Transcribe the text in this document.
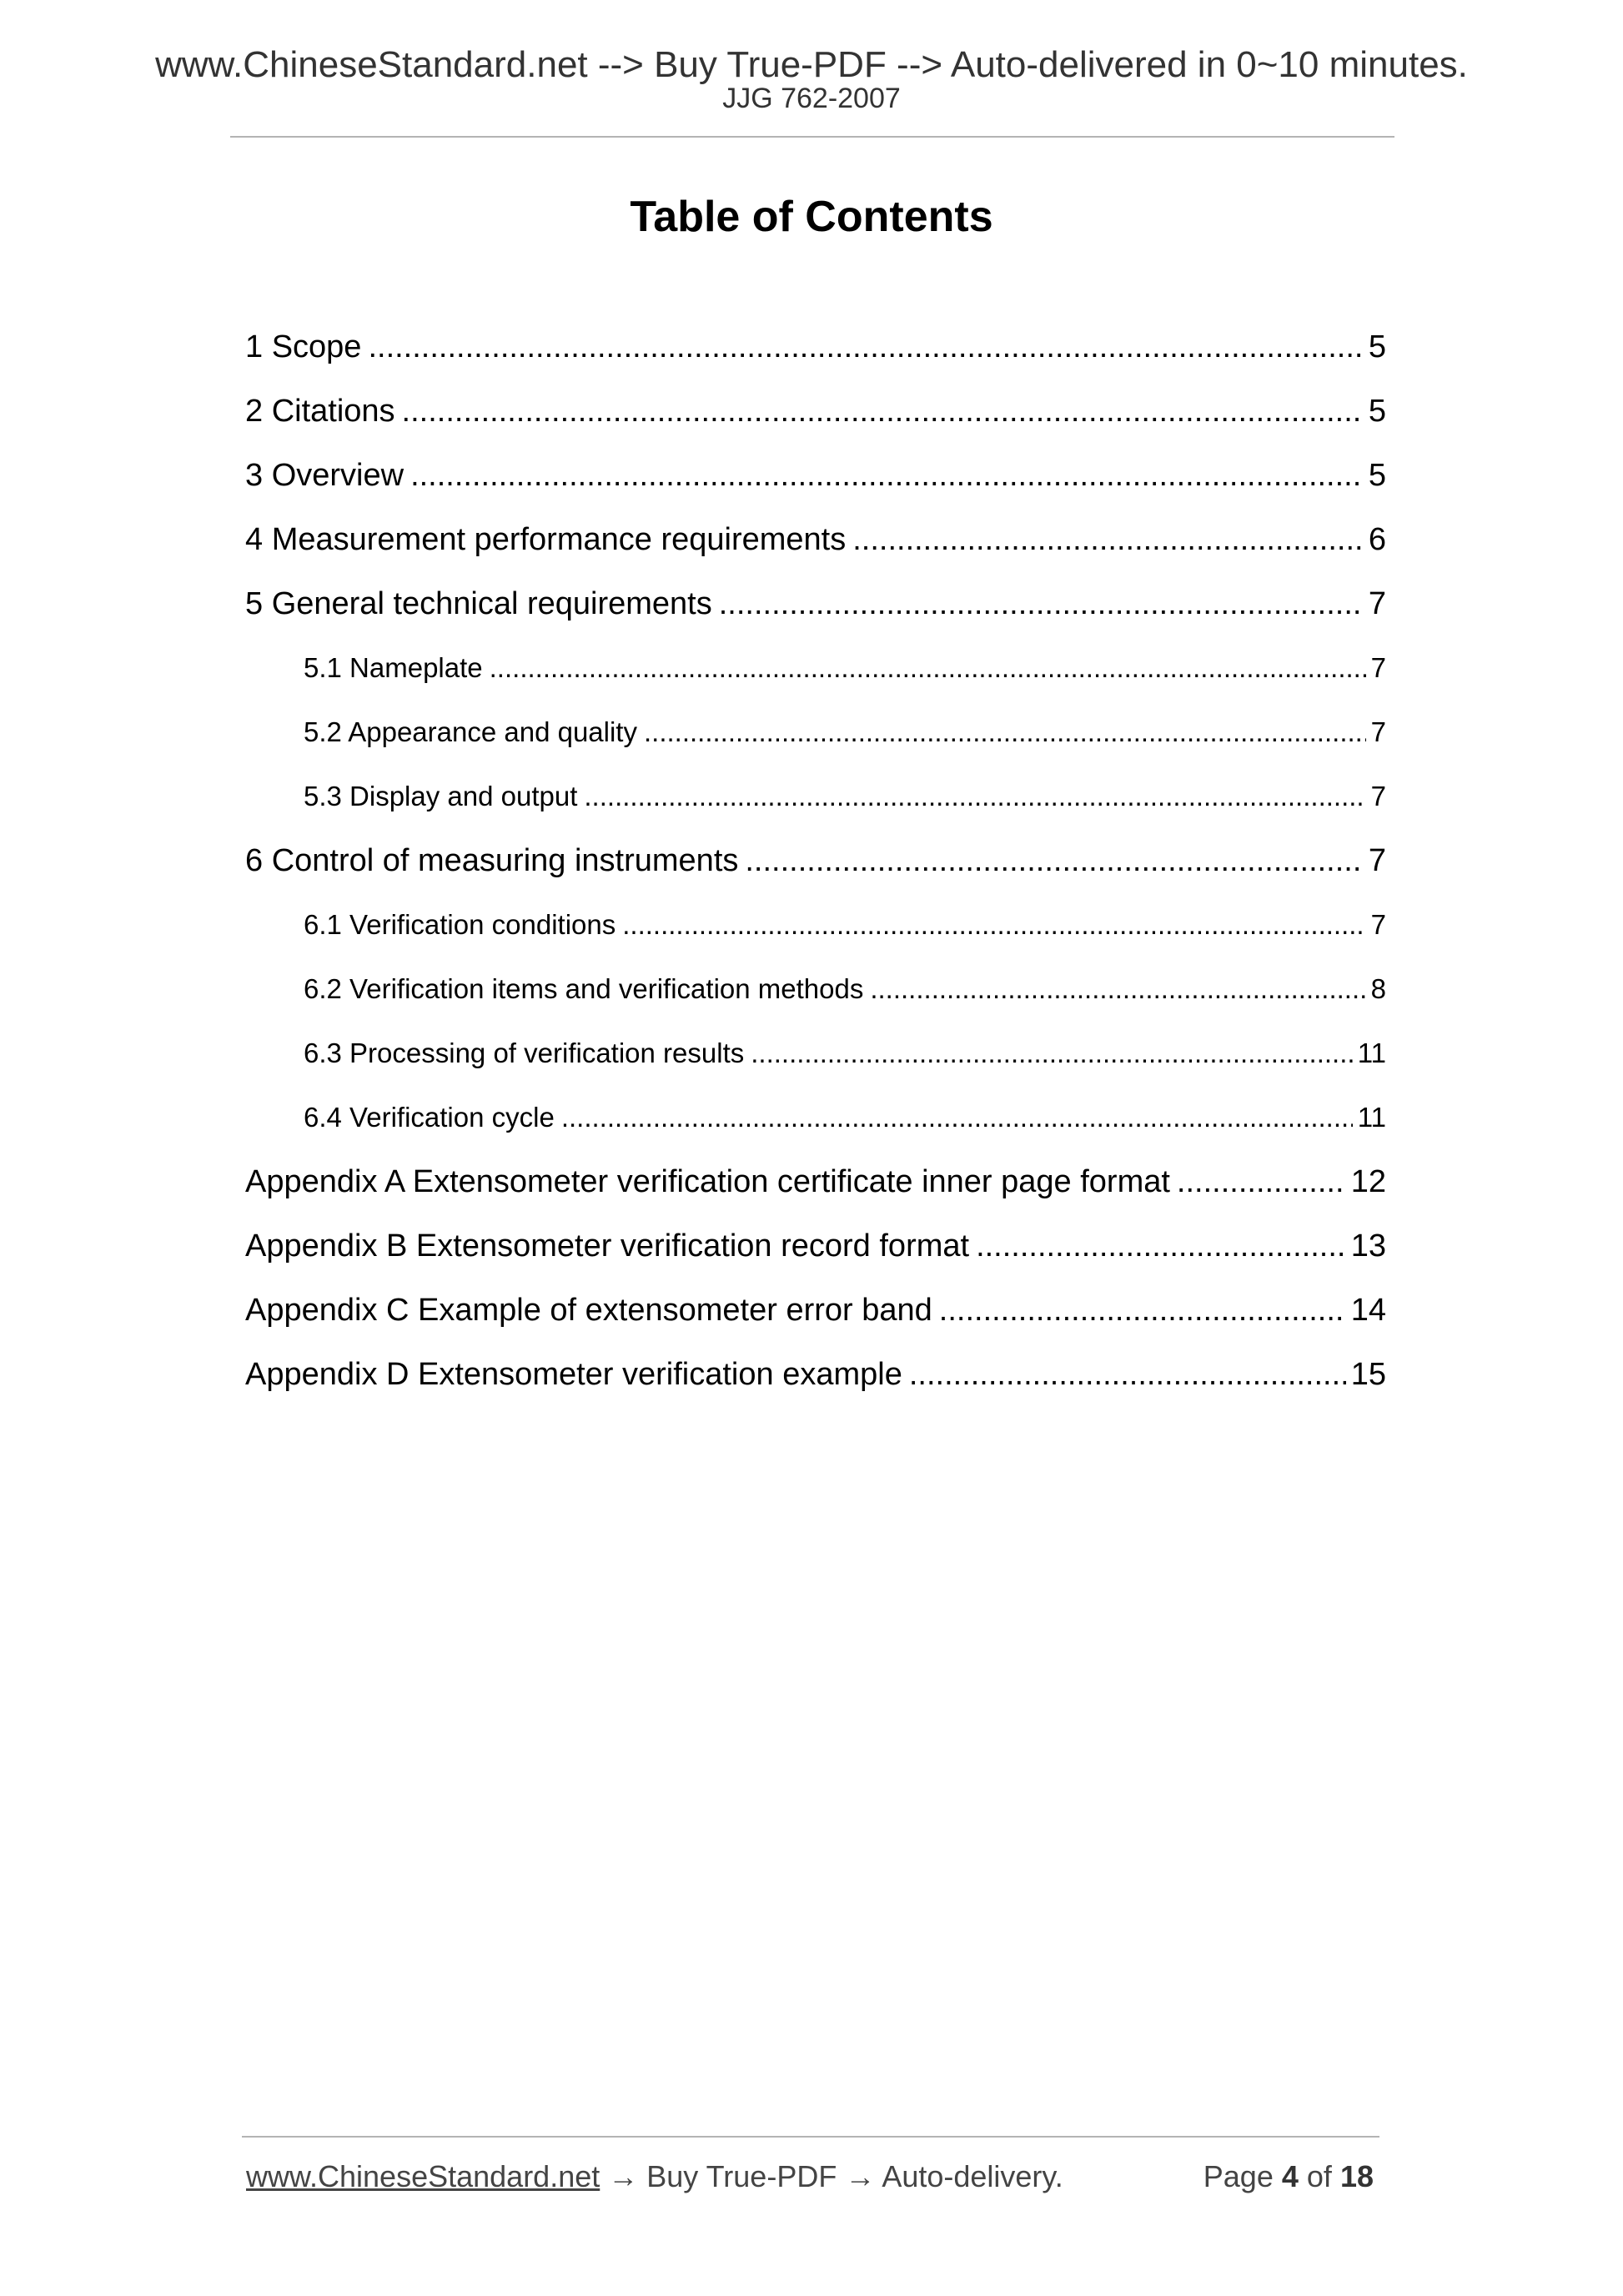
www.ChineseStandard.net --> Buy True-PDF --> Auto-delivered in 0~10 minutes.
JJG 762-2007
Table of Contents
1 Scope .....	5
2 Citations .....	5
3 Overview .....	5
4 Measurement performance requirements .....	6
5 General technical requirements .....	7
5.1 Nameplate .....	7
5.2 Appearance and quality .....	7
5.3 Display and output .....	7
6 Control of measuring instruments .....	7
6.1 Verification conditions .....	7
6.2 Verification items and verification methods .....	8
6.3 Processing of verification results .....	11
6.4 Verification cycle .....	11
Appendix A Extensometer verification certificate inner page format .....	12
Appendix B Extensometer verification record format .....	13
Appendix C Example of extensometer error band .....	14
Appendix D Extensometer verification example .....	15
www.ChineseStandard.net → Buy True-PDF → Auto-delivery.	Page 4 of 18
